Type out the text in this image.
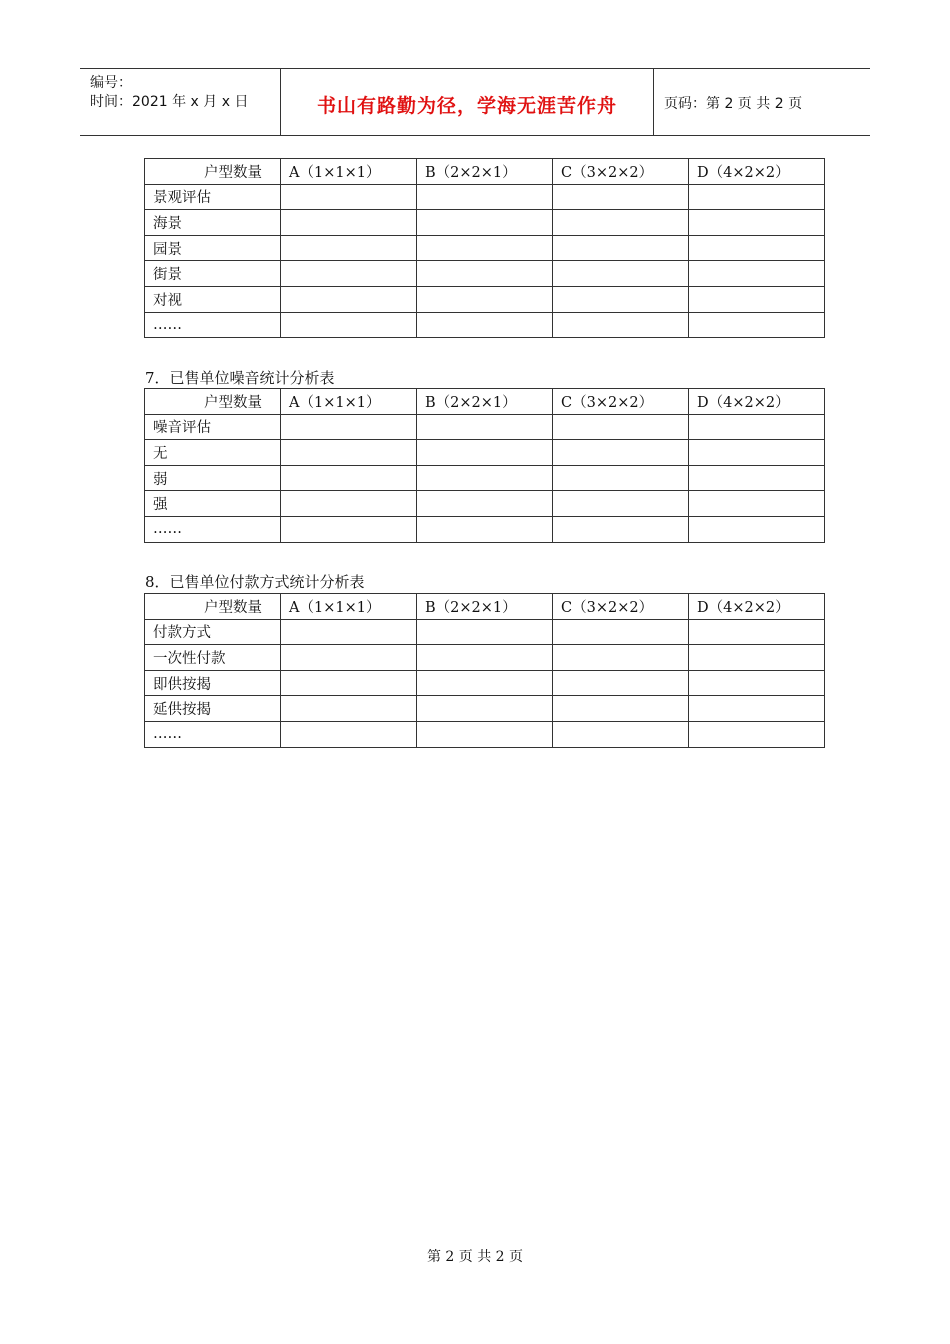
编号：
时间：2021 年 x 月 x 日	书山有路勤为径，学海无涯苦作舟	页码：第 2 页 共 2 页
户型数量	A（1×1×1）	B（2×2×1）	C（3×2×2）	D（4×2×2）
景观评估				
海景				
园景				
街景				
对视				
……				
7．已售单位噪音统计分析表
户型数量	A（1×1×1）	B（2×2×1）	C（3×2×2）	D（4×2×2）
噪音评估				
无				
弱				
强				
……				
8．已售单位付款方式统计分析表
户型数量	A（1×1×1）	B（2×2×1）	C（3×2×2）	D（4×2×2）
付款方式				
一次性付款				
即供按揭				
延供按揭				
……				
第 2 页 共 2 页
